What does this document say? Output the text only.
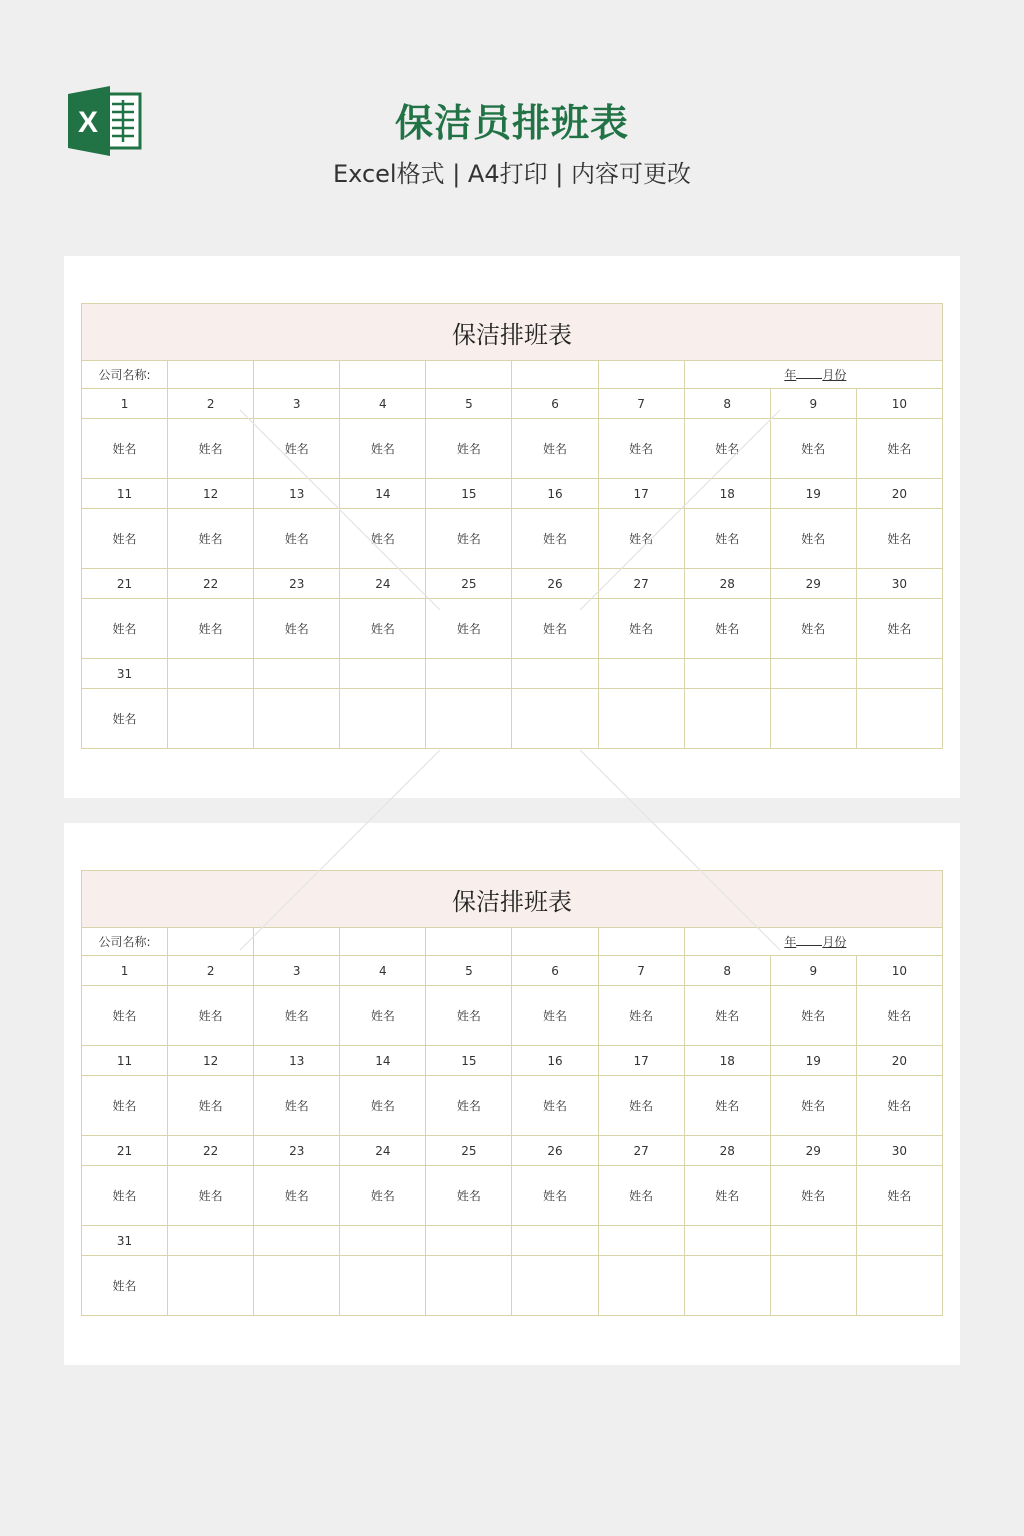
X	保洁员排班表
Excel格式 | A4打印 | 内容可更改
保洁排班表									
公司名称:							年 月份		
1	2	3	4	5	6	7	8	9	10
姓名	姓名	姓名	姓名	姓名	姓名	姓名	姓名	姓名	姓名
11	12	13	14	15	16	17	18	19	20
姓名	姓名	姓名	姓名	姓名	姓名	姓名	姓名	姓名	姓名
21	22	23	24	25	26	27	28	29	30
姓名	姓名	姓名	姓名	姓名	姓名	姓名	姓名	姓名	姓名
31									
姓名									
保洁排班表									
公司名称:							年 月份		
1	2	3	4	5	6	7	8	9	10
姓名	姓名	姓名	姓名	姓名	姓名	姓名	姓名	姓名	姓名
11	12	13	14	15	16	17	18	19	20
姓名	姓名	姓名	姓名	姓名	姓名	姓名	姓名	姓名	姓名
21	22	23	24	25	26	27	28	29	30
姓名	姓名	姓名	姓名	姓名	姓名	姓名	姓名	姓名	姓名
31									
姓名									
